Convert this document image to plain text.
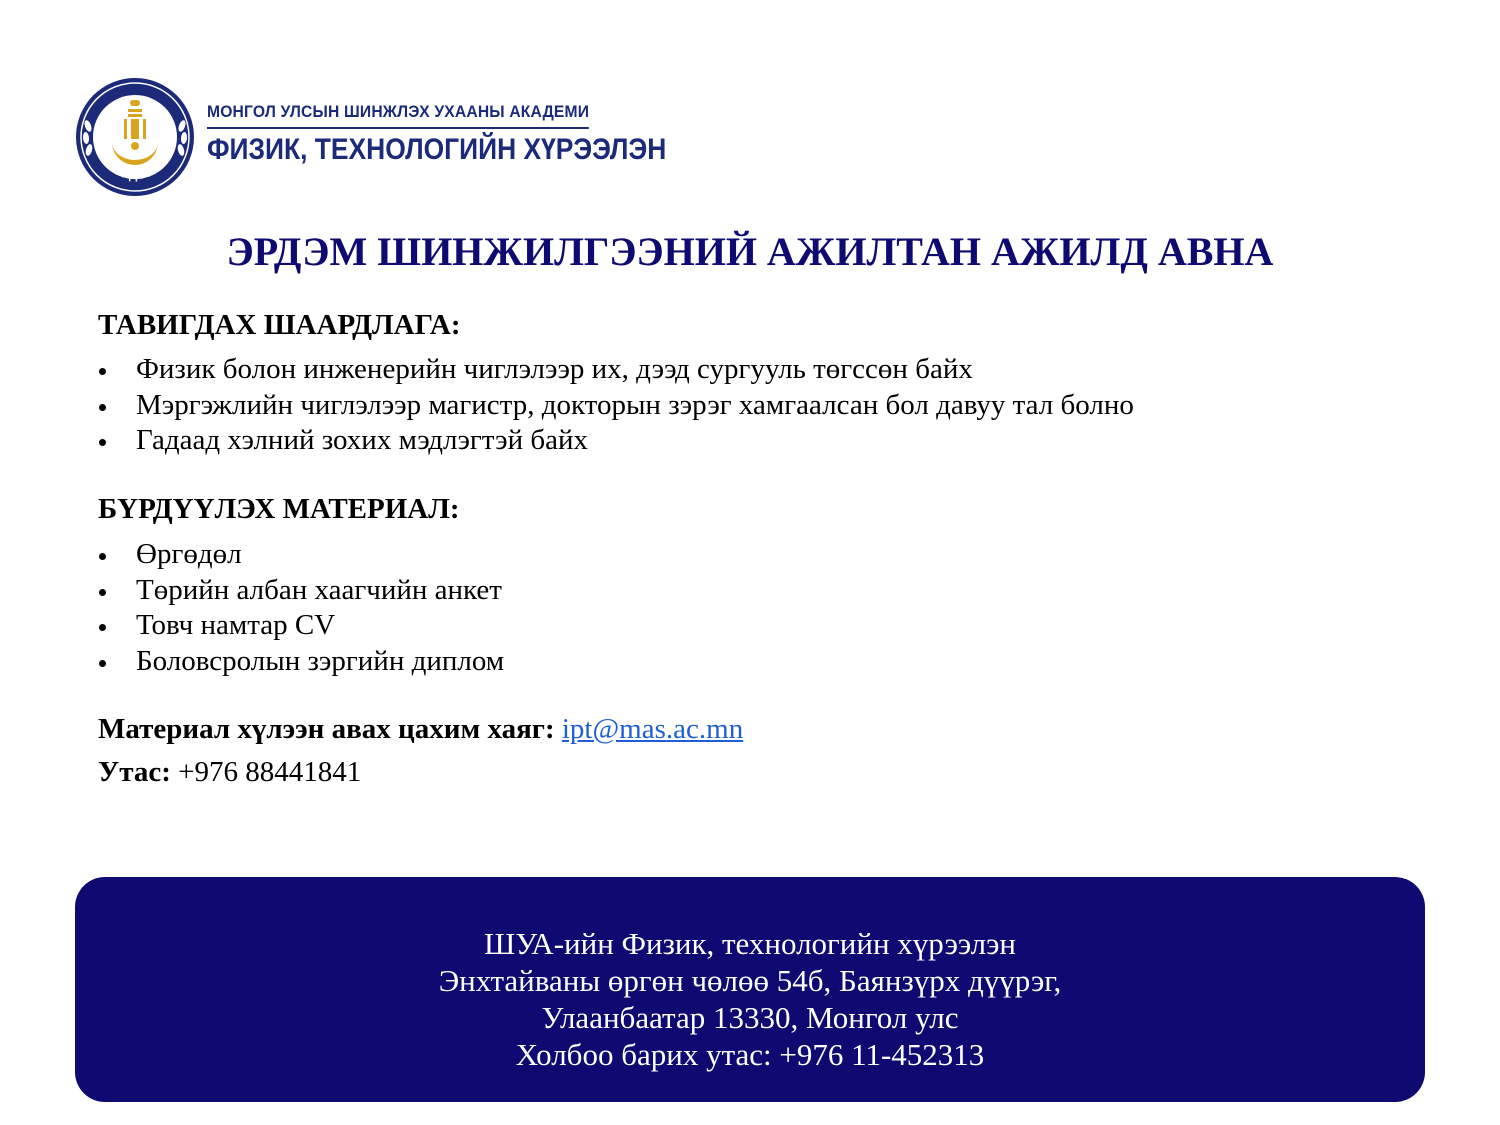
ЭРДЭМ
МОНГОЛ УЛСЫН ШИНЖЛЭХ УХААНЫ АКАДЕМИ
ФИЗИК, ТЕХНОЛОГИЙН ХҮРЭЭЛЭН
ЭРДЭМ ШИНЖИЛГЭЭНИЙ АЖИЛТАН АЖИЛД АВНА
ТАВИГДАХ ШААРДЛАГА:
Физик болон инженерийн чиглэлээр их, дээд сургууль төгссөн байх
Мэргэжлийн чиглэлээр магистр, докторын зэрэг хамгаалсан бол давуу тал болно
Гадаад хэлний зохих мэдлэгтэй байх
БҮРДҮҮЛЭХ МАТЕРИАЛ:
Өргөдөл
Төрийн албан хаагчийн анкет
Товч намтар CV
Боловсролын зэргийн диплом
Материал хүлээн авах цахим хаяг: ipt@mas.ac.mn
Утас: +976 88441841
ШУА-ийн Физик, технологийн хүрээлэн
Энхтайваны өргөн чөлөө 54б, Баянзүрх дүүрэг,
Улаанбаатар 13330, Монгол улс
Холбоо барих утас: +976 11-452313
